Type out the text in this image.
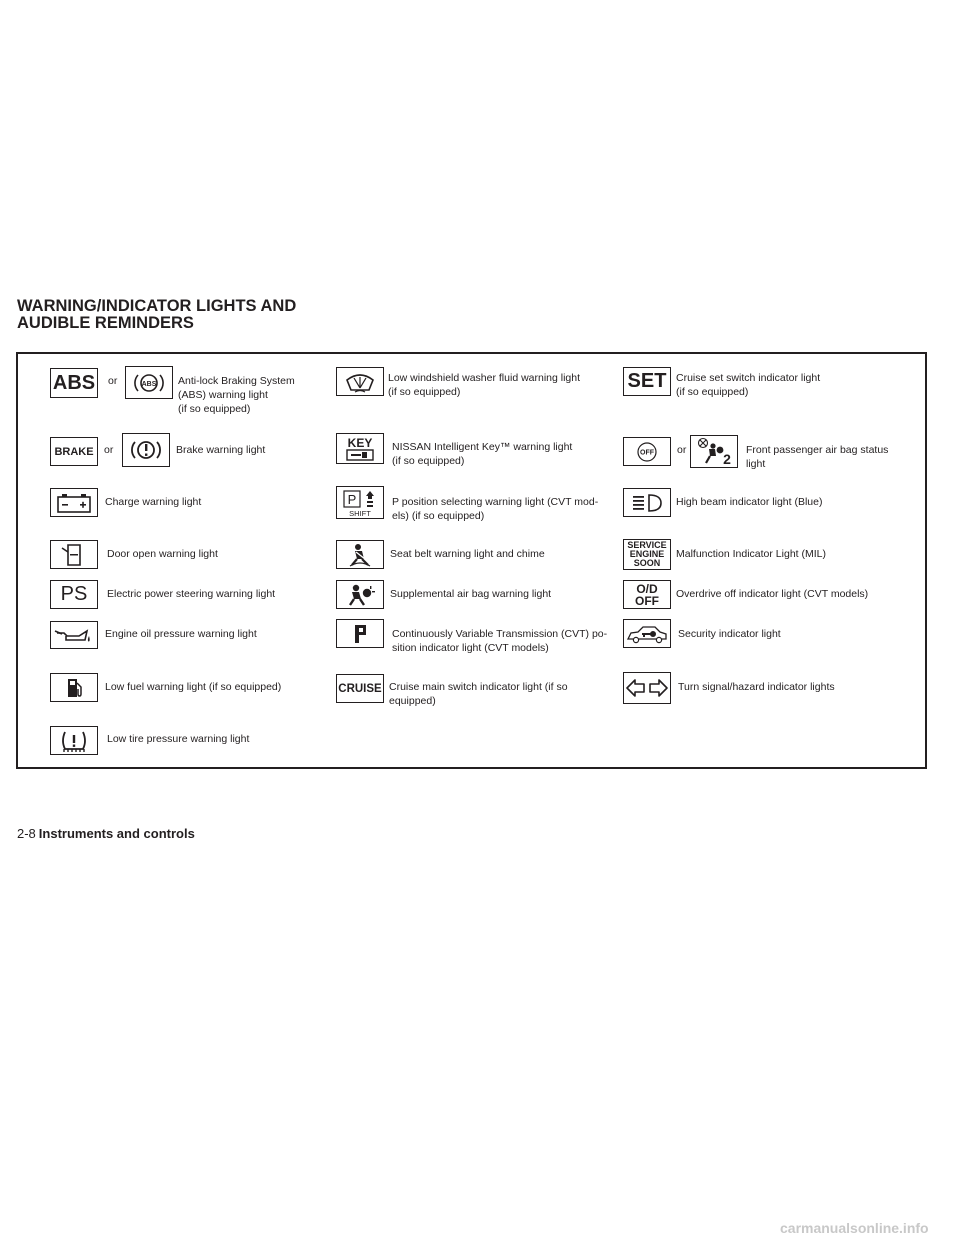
WARNING/INDICATOR LIGHTS AND
AUDIBLE REMINDERS
ABS or	ABS Anti-lock Braking System
(ABS) warning light
(if so equipped)
BRAKE or	Brake warning light
Charge warning light
Door open warning light
PS Electric power steering warning light
Engine oil pressure warning light
Low fuel warning light (if so equipped)
Low tire pressure warning light
Low windshield washer fluid warning light
(if so equipped)
KEY NISSAN Intelligent Key™ warning light
(if so equipped)
P
SHIFT
P position selecting warning light (CVT mod-
els) (if so equipped)
Seat belt warning light and chime
Supplemental air bag warning light
Continuously Variable Transmission (CVT) po-
sition indicator light (CVT models)
CRUISE Cruise main switch indicator light (if so
equipped)
SET Cruise set switch indicator light
(if so equipped)
OFF or
2
Front passenger air bag status
light
High beam indicator light (Blue)
SERVICE
ENGINE
SOON
Malfunction Indicator Light (MIL)
O/D
OFF Overdrive off indicator light (CVT models)
Security indicator light
Turn signal/hazard indicator lights
2-8 Instruments and controls
carmanualsonline.info
